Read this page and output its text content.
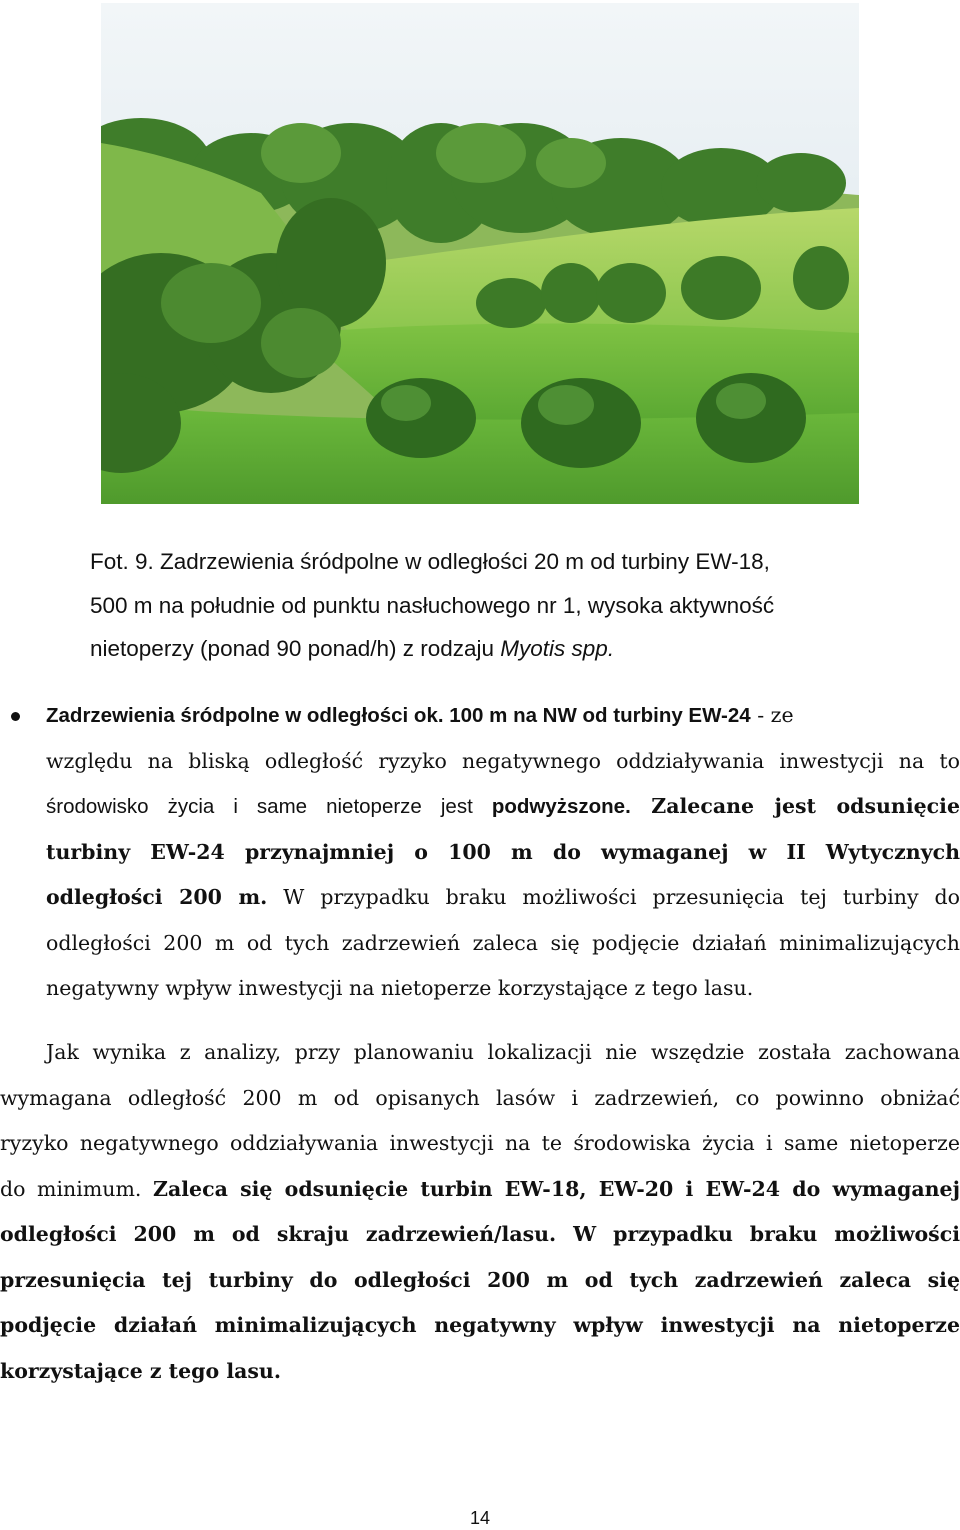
Fot. 9. Zadrzewienia śródpolne w odległości 20 m od turbiny EW-18,
500 m na południe od punktu nasłuchowego nr 1, wysoka aktywność
nietoperzy (ponad 90 ponad/h) z rodzaju Myotis spp.
Zadrzewienia śródpolne w odległości ok. 100 m na NW od turbiny EW-24 - ze
względu na bliską odległość ryzyko negatywnego oddziaływania inwestycji na to
środowisko życia i same nietoperze jest podwyższone. Zalecane jest odsunięcie
turbiny EW-24 przynajmniej o 100 m do wymaganej w II Wytycznych
odległości 200 m. W przypadku braku możliwości przesunięcia tej turbiny do
odległości 200 m od tych zadrzewień zaleca się podjęcie działań minimalizujących
negatywny wpływ inwestycji na nietoperze korzystające z tego lasu.
Jak wynika z analizy, przy planowaniu lokalizacji nie wszędzie została zachowana
wymagana odległość 200 m od opisanych lasów i zadrzewień, co powinno obniżać
ryzyko negatywnego oddziaływania inwestycji na te środowiska życia i same nietoperze
do minimum. Zaleca się odsunięcie turbin EW-18, EW-20 i EW-24 do wymaganej
odległości 200 m od skraju zadrzewień/lasu. W przypadku braku możliwości
przesunięcia tej turbiny do odległości 200 m od tych zadrzewień zaleca się
podjęcie działań minimalizujących negatywny wpływ inwestycji na nietoperze
korzystające z tego lasu.
14
